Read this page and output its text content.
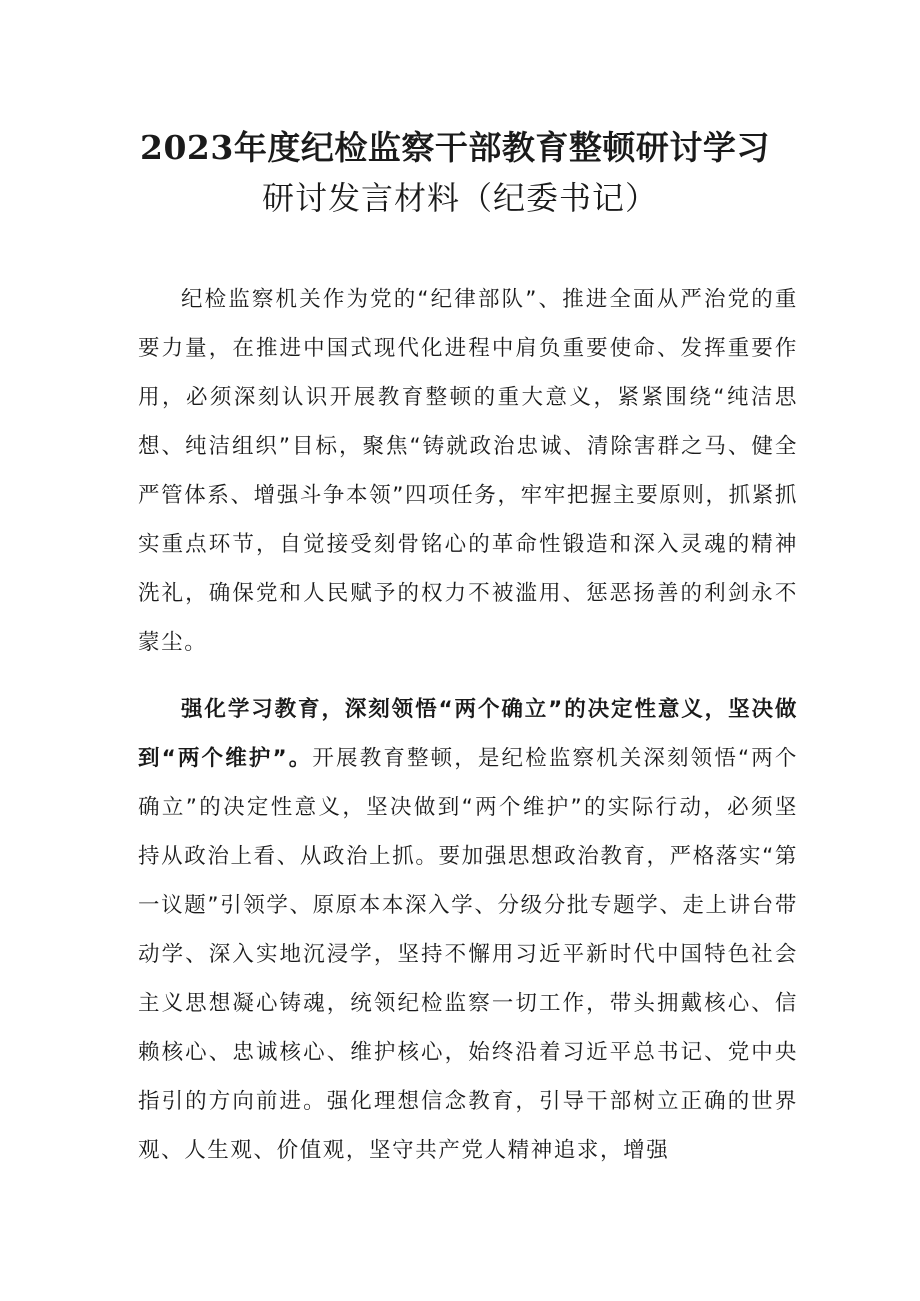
2023年度纪检监察干部教育整顿研讨学习
研讨发言材料（纪委书记）

纪检监察机关作为党的“纪律部队”、推进全面从严治党的重要力量，在推进中国式现代化进程中肩负重要使命、发挥重要作用，必须深刻认识开展教育整顿的重大意义，紧紧围绕“纯洁思想、纯洁组织”目标，聚焦“铸就政治忠诚、清除害群之马、健全严管体系、增强斗争本领”四项任务，牢牢把握主要原则，抓紧抓实重点环节，自觉接受刻骨铭心的革命性锻造和深入灵魂的精神洗礼，确保党和人民赋予的权力不被滥用、惩恶扬善的利剑永不蒙尘。

强化学习教育，深刻领悟“两个确立”的决定性意义，坚决做到“两个维护”。开展教育整顿，是纪检监察机关深刻领悟“两个确立”的决定性意义，坚决做到“两个维护”的实际行动，必须坚持从政治上看、从政治上抓。要加强思想政治教育，严格落实“第一议题”引领学、原原本本深入学、分级分批专题学、走上讲台带动学、深入实地沉浸学，坚持不懈用习近平新时代中国特色社会主义思想凝心铸魂，统领纪检监察一切工作，带头拥戴核心、信赖核心、忠诚核心、维护核心，始终沿着习近平总书记、党中央指引的方向前进。强化理想信念教育，引导干部树立正确的世界观、人生观、价值观，坚守共产党人精神追求，增强
